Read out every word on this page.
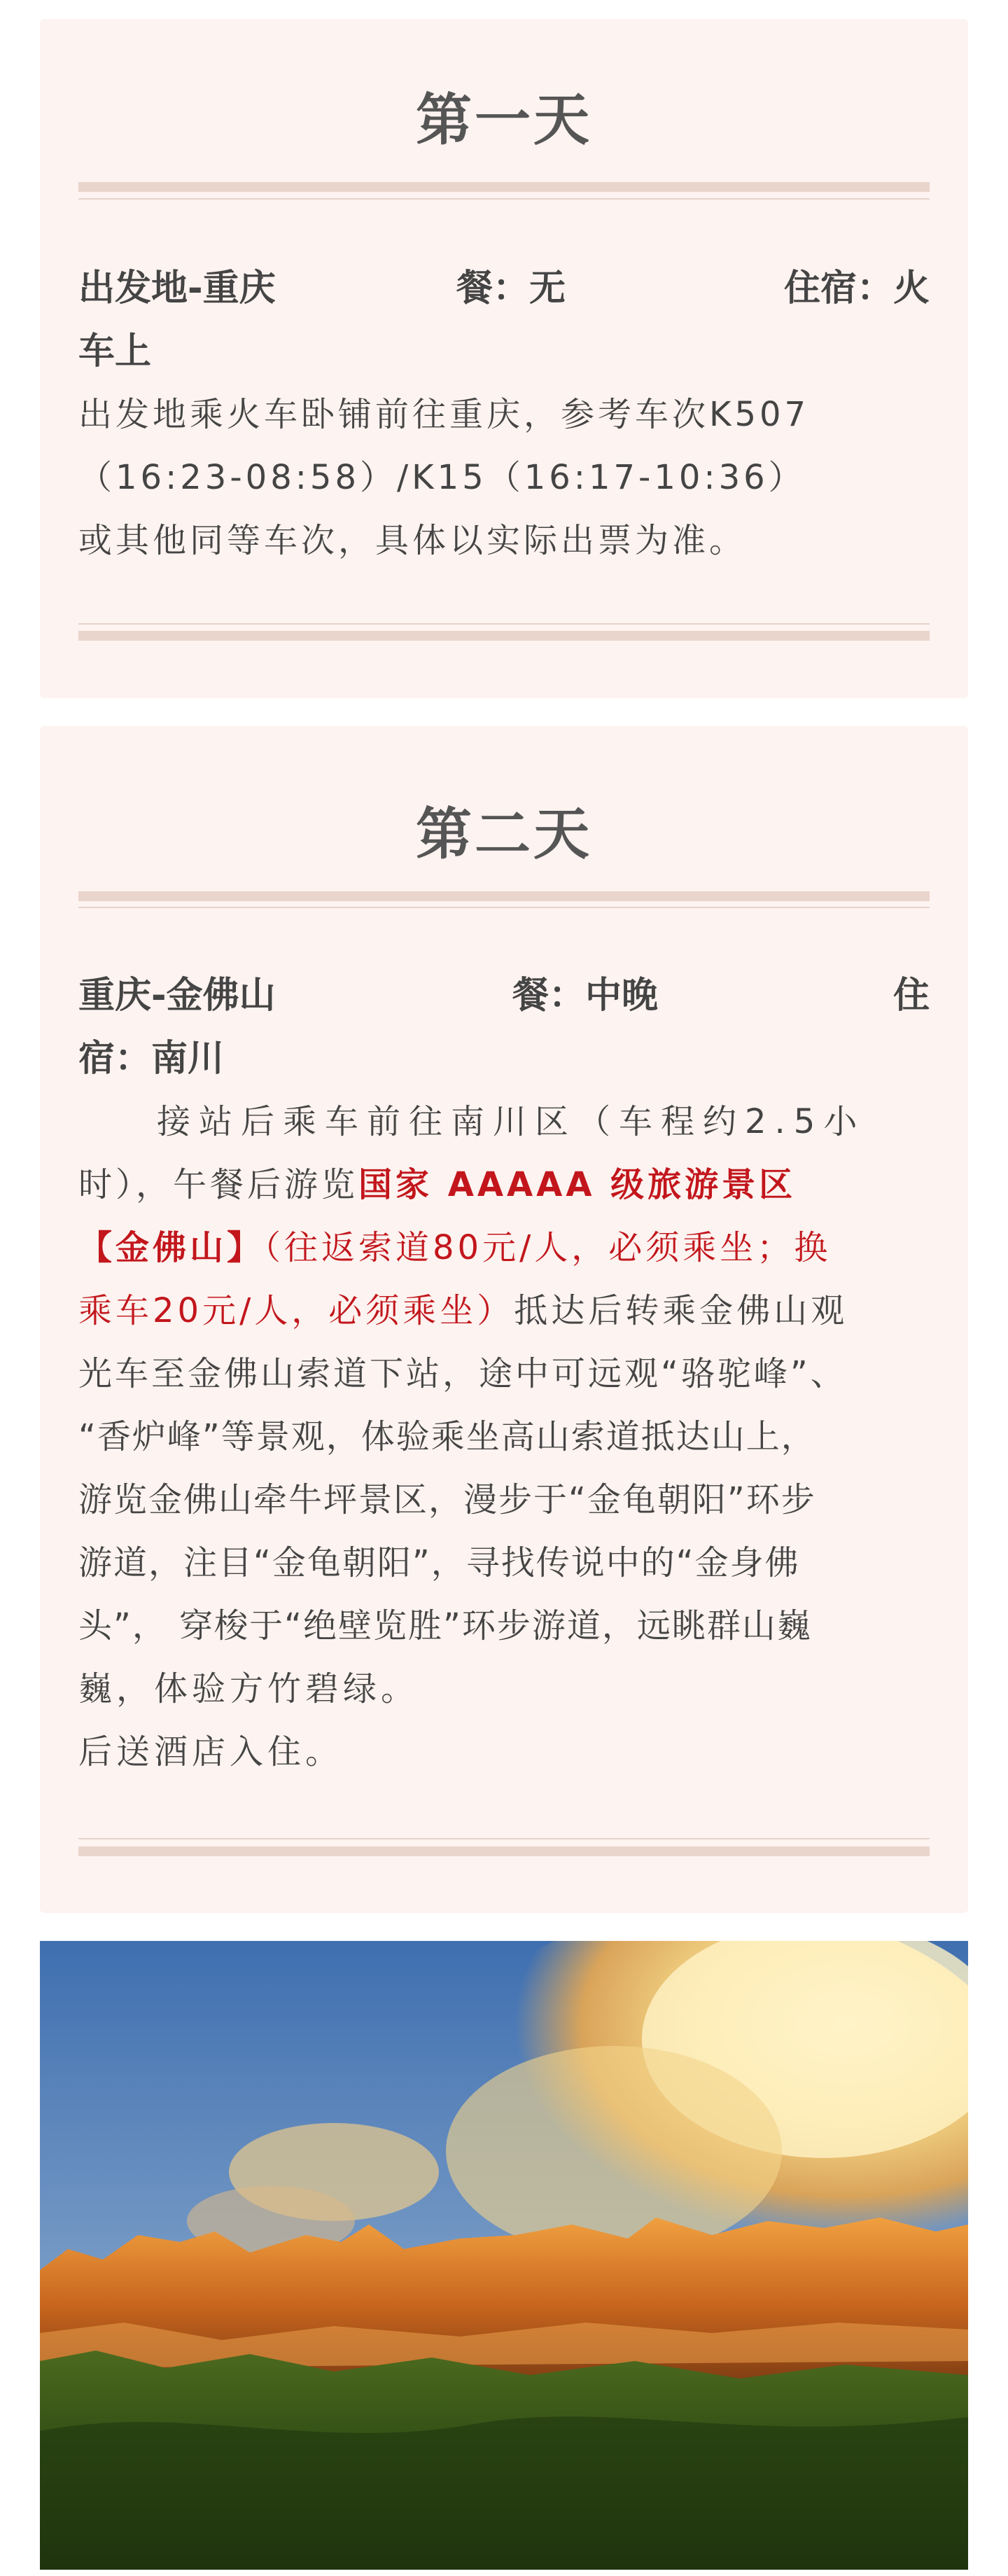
第一天
出发地-重庆	餐：无	住宿：火
车上
出发地乘火车卧铺前往重庆，参考车次K507
（16:23-08:58）/K15（16:17-10:36）
或其他同等车次，具体以实际出票为准。
第二天
重庆-金佛山	餐：中晚	住
宿：南川
接站后乘车前往南川区（车程约2.5小
时），午餐后游览国家 AAAAA 级旅游景区
【金佛山】（往返索道80元/人，必须乘坐；换
乘车20元/人，必须乘坐）抵达后转乘金佛山观
光车至金佛山索道下站，途中可远观“骆驼峰”、
“香炉峰”等景观，体验乘坐高山索道抵达山上，
游览金佛山牵牛坪景区，漫步于“金龟朝阳”环步
游道，注目“金龟朝阳”，寻找传说中的“金身佛
头”， 穿梭于“绝壁览胜”环步游道，远眺群山巍
巍，体验方竹碧绿。
后送酒店入住。
